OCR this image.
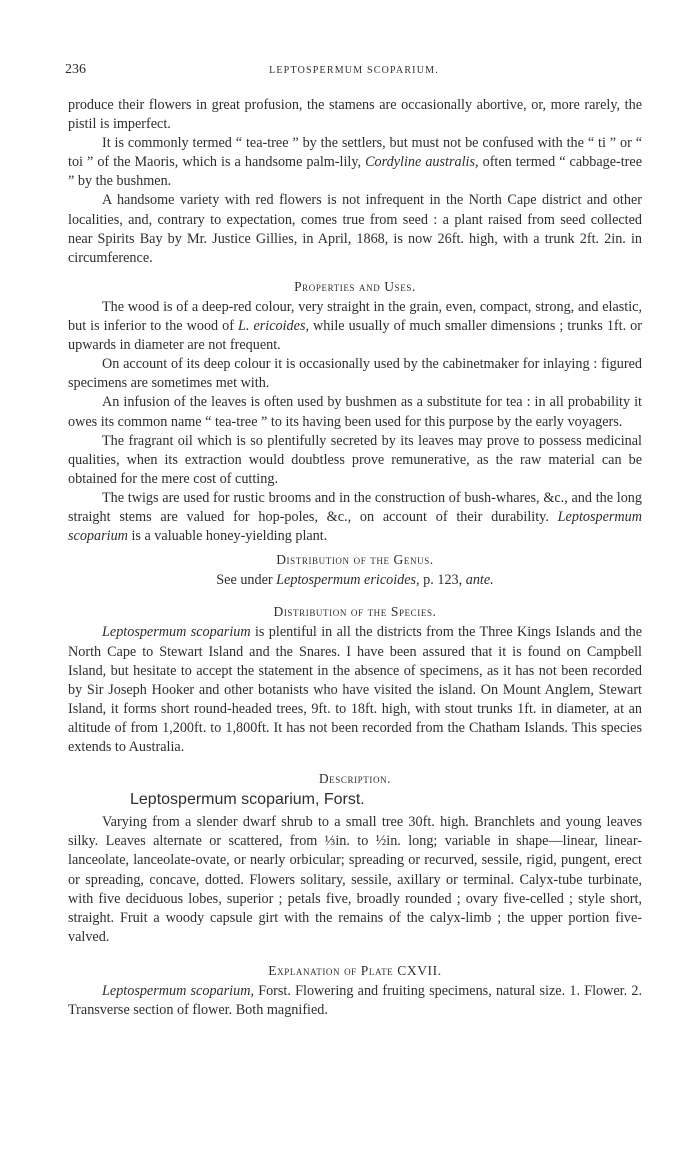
236	LEPTOSPERMUM SCOPARIUM.

produce their flowers in great profusion, the stamens are occasionally abortive, or, more rarely, the pistil is imperfect.

It is commonly termed “ tea-tree ” by the settlers, but must not be confused with the “ ti ” or “ toi ” of the Maoris, which is a handsome palm-lily, Cordyline australis, often termed “ cabbage-tree ” by the bushmen.

A handsome variety with red flowers is not infrequent in the North Cape district and other localities, and, contrary to expectation, comes true from seed : a plant raised from seed collected near Spirits Bay by Mr. Justice Gillies, in April, 1868, is now 26ft. high, with a trunk 2ft. 2in. in circumference.

Properties and Uses.

The wood is of a deep-red colour, very straight in the grain, even, compact, strong, and elastic, but is inferior to the wood of L. ericoides, while usually of much smaller dimensions ; trunks 1ft. or upwards in diameter are not frequent.

On account of its deep colour it is occasionally used by the cabinetmaker for inlaying : figured specimens are sometimes met with.

An infusion of the leaves is often used by bushmen as a substitute for tea : in all probability it owes its common name “ tea-tree ” to its having been used for this purpose by the early voyagers.

The fragrant oil which is so plentifully secreted by its leaves may prove to possess medicinal qualities, when its extraction would doubtless prove remunerative, as the raw material can be obtained for the mere cost of cutting.

The twigs are used for rustic brooms and in the construction of bush-whares, &c., and the long straight stems are valued for hop-poles, &c., on account of their durability. Leptospermum scoparium is a valuable honey-yielding plant.

Distribution of the Genus.

See under Leptospermum ericoides, p. 123, ante.

Distribution of the Species.

Leptospermum scoparium is plentiful in all the districts from the Three Kings Islands and the North Cape to Stewart Island and the Snares. I have been assured that it is found on Campbell Island, but hesitate to accept the statement in the absence of specimens, as it has not been recorded by Sir Joseph Hooker and other botanists who have visited the island. On Mount Anglem, Stewart Island, it forms short round-headed trees, 9ft. to 18ft. high, with stout trunks 1ft. in diameter, at an altitude of from 1,200ft. to 1,800ft. It has not been recorded from the Chatham Islands. This species extends to Australia.

Description.
Leptospermum scoparium, Forst.

Varying from a slender dwarf shrub to a small tree 30ft. high. Branchlets and young leaves silky. Leaves alternate or scattered, from ⅓in. to ½in. long; variable in shape—linear, linear-lanceolate, lanceolate-ovate, or nearly orbicular; spreading or recurved, sessile, rigid, pungent, erect or spreading, concave, dotted. Flowers solitary, sessile, axillary or terminal. Calyx-tube turbinate, with five deciduous lobes, superior ; petals five, broadly rounded ; ovary five-celled ; style short, straight. Fruit a woody capsule girt with the remains of the calyx-limb ; the upper portion five-valved.

Explanation of Plate CXVII.

Leptospermum scoparium, Forst. Flowering and fruiting specimens, natural size. 1. Flower. 2. Transverse section of flower. Both magnified.
